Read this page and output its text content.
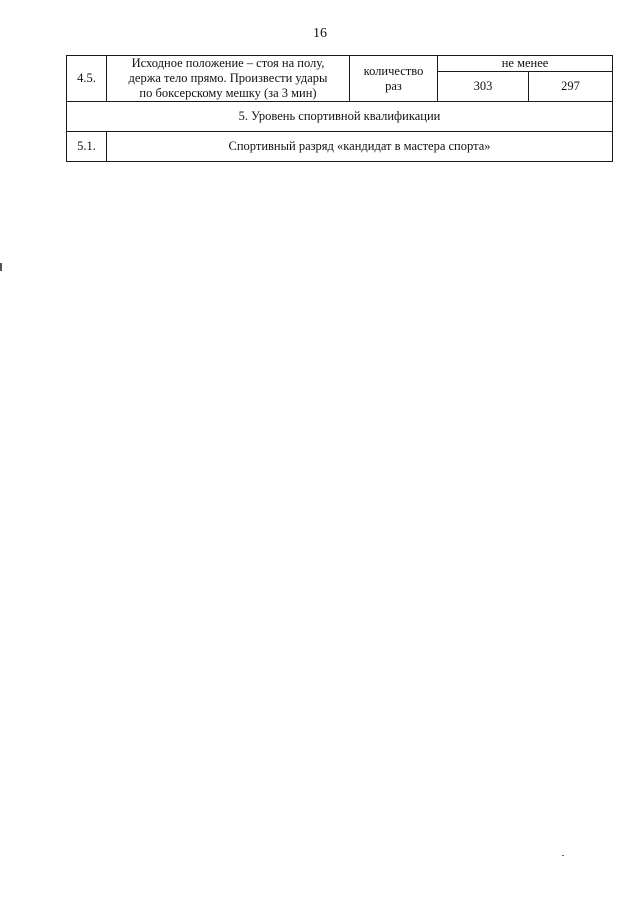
16
4.5.	Исходное положение – стоя на полу,
держа тело прямо. Произвести удары
по боксерскому мешку (за 3 мин)	количество раз	не менее	
			303	297
5. Уровень спортивной квалификации				
5.1.	Спортивный разряд «кандидат в мастера спорта»			
